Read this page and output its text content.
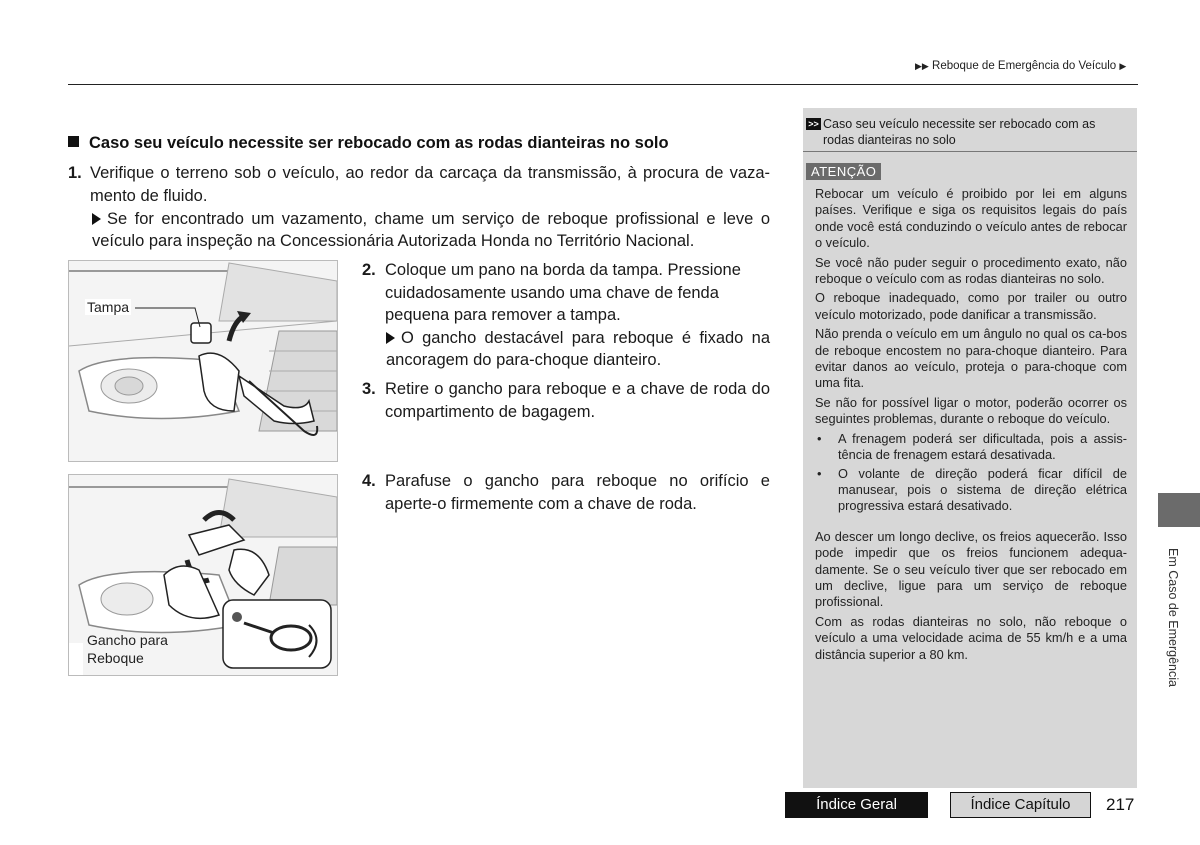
▶▶ Reboque de Emergência do Veículo ▶
Caso seu veículo necessite ser rebocado com as rodas dianteiras no solo
1. Verifique o terreno sob o veículo, ao redor da carcaça da transmissão, à procura de vaza-mento de fluido.
Se for encontrado um vazamento, chame um serviço de reboque profissional e leve o veículo para inspeção na Concessionária Autorizada Honda no Território Nacional.
Tampa
2. Coloque um pano na borda da tampa. Pressione cuidadosamente usando uma chave de fenda pequena para remover a tampa.
O gancho destacável para reboque é fixado na ancoragem do para-choque dianteiro.
3. Retire o gancho para reboque e a chave de roda do compartimento de bagagem.
Gancho para
Reboque
4. Parafuse o gancho para reboque no orifício e aperte-o firmemente com a chave de roda.
>> Caso seu veículo necessite ser rebocado com as rodas dianteiras no solo
ATENÇÃO

Rebocar um veículo é proibido por lei em alguns países. Verifique e siga os requisitos legais do país onde você está conduzindo o veículo antes de rebocar o veículo.

Se você não puder seguir o procedimento exato, não reboque o veículo com as rodas dianteiras no solo.

O reboque inadequado, como por trailer ou outro veículo motorizado, pode danificar a transmissão.

Não prenda o veículo em um ângulo no qual os ca-bos de reboque encostem no para-choque dianteiro. Para evitar danos ao veículo, proteja o para-choque com uma fita.

Se não for possível ligar o motor, poderão ocorrer os seguintes problemas, durante o reboque do veículo.

• A frenagem poderá ser dificultada, pois a assis-tência de frenagem estará desativada.
• O volante de direção poderá ficar difícil de manusear, pois o sistema de direção elétrica progressiva estará desativado.

Ao descer um longo declive, os freios aquecerão. Isso pode impedir que os freios funcionem adequa-damente. Se o seu veículo tiver que ser rebocado em um declive, ligue para um serviço de reboque profissional.

Com as rodas dianteiras no solo, não reboque o veículo a uma velocidade acima de 55 km/h e a uma distância superior a 80 km.	Em Caso de Emergência
Índice Geral	Índice Capítulo	217
